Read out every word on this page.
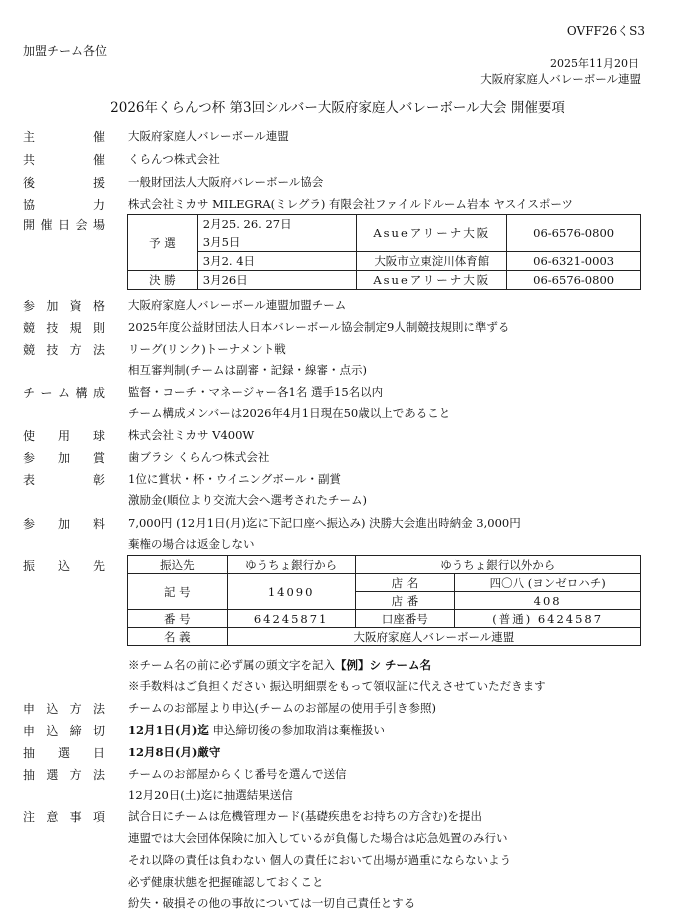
OVFF26くS3
加盟チーム各位
2025年11月20日
大阪府家庭人バレーボール連盟
2026年くらんつ杯 第3回シルバー大阪府家庭人バレーボール大会 開催要項
主	催 大阪府家庭人バレーボール連盟
共	催 くらんつ株式会社
後	援 一般財団法人大阪府バレーボール協会
協	力 株式会社ミカサ MILEGRA(ミレグラ) 有限会社ファイルドルーム岩本 ヤスイスポーツ
開 催 日 会 場
予 選	2月25. 26. 27日	Asueアリーナ大阪	06-6576-0800
	3月5日		
	3月2. 4日	大阪市立東淀川体育館	06-6321-0003
決 勝	3月26日	Asueアリーナ大阪	06-6576-0800
参 加 資 格 大阪府家庭人バレーボール連盟加盟チーム
競 技 規 則 2025年度公益財団法人日本バレーボール協会制定9人制競技規則に準ずる
競 技 方 法 リーグ(リンク)トーナメント戦
相互審判制(チームは副審・記録・線審・点示)
チ ー ム 構 成 監督・コーチ・マネージャー各1名 選手15名以内
チーム構成メンバーは2026年4月1日現在50歳以上であること
使 用 球 株式会社ミカサ V400W
参 加 賞 歯ブラシ くらんつ株式会社
表	彰 1位に賞状・杯・ウイニングボール・副賞
激励金(順位より交流大会へ選考されたチーム)
参 加 料 7,000円 (12月1日(月)迄に下記口座へ振込み) 決勝大会進出時納金 3,000円
棄権の場合は返金しない
振 込 先	振込先	ゆうちょ銀行から	ゆうちょ銀行以外から	
記 号	14090	店 名	四〇八 (ヨンゼロハチ)
		店 番	408
番 号	64245871	口座番号	(普通) 6424587
名 義	大阪府家庭人バレーボール連盟		
※チーム名の前に必ず属の頭文字を記入【例】シ チーム名
※手数料はご負担ください 振込明細票をもって領収証に代えさせていただきます
申 込 方 法 チームのお部屋より申込(チームのお部屋の使用手引き参照)
申 込 締 切 12月1日(月)迄 申込締切後の参加取消は棄権扱い
抽 選 日 12月8日(月)厳守
抽 選 方 法 チームのお部屋からくじ番号を選んで送信
12月20日(土)迄に抽選結果送信
注 意 事 項 試合日にチームは危機管理カード(基礎疾患をお持ちの方含む)を提出
連盟では大会団体保険に加入しているが負傷した場合は応急処置のみ行い
それ以降の責任は負わない 個人の責任において出場が過重にならないよう
必ず健康状態を把握確認しておくこと
紛失・破損その他の事故については一切自己責任とする
